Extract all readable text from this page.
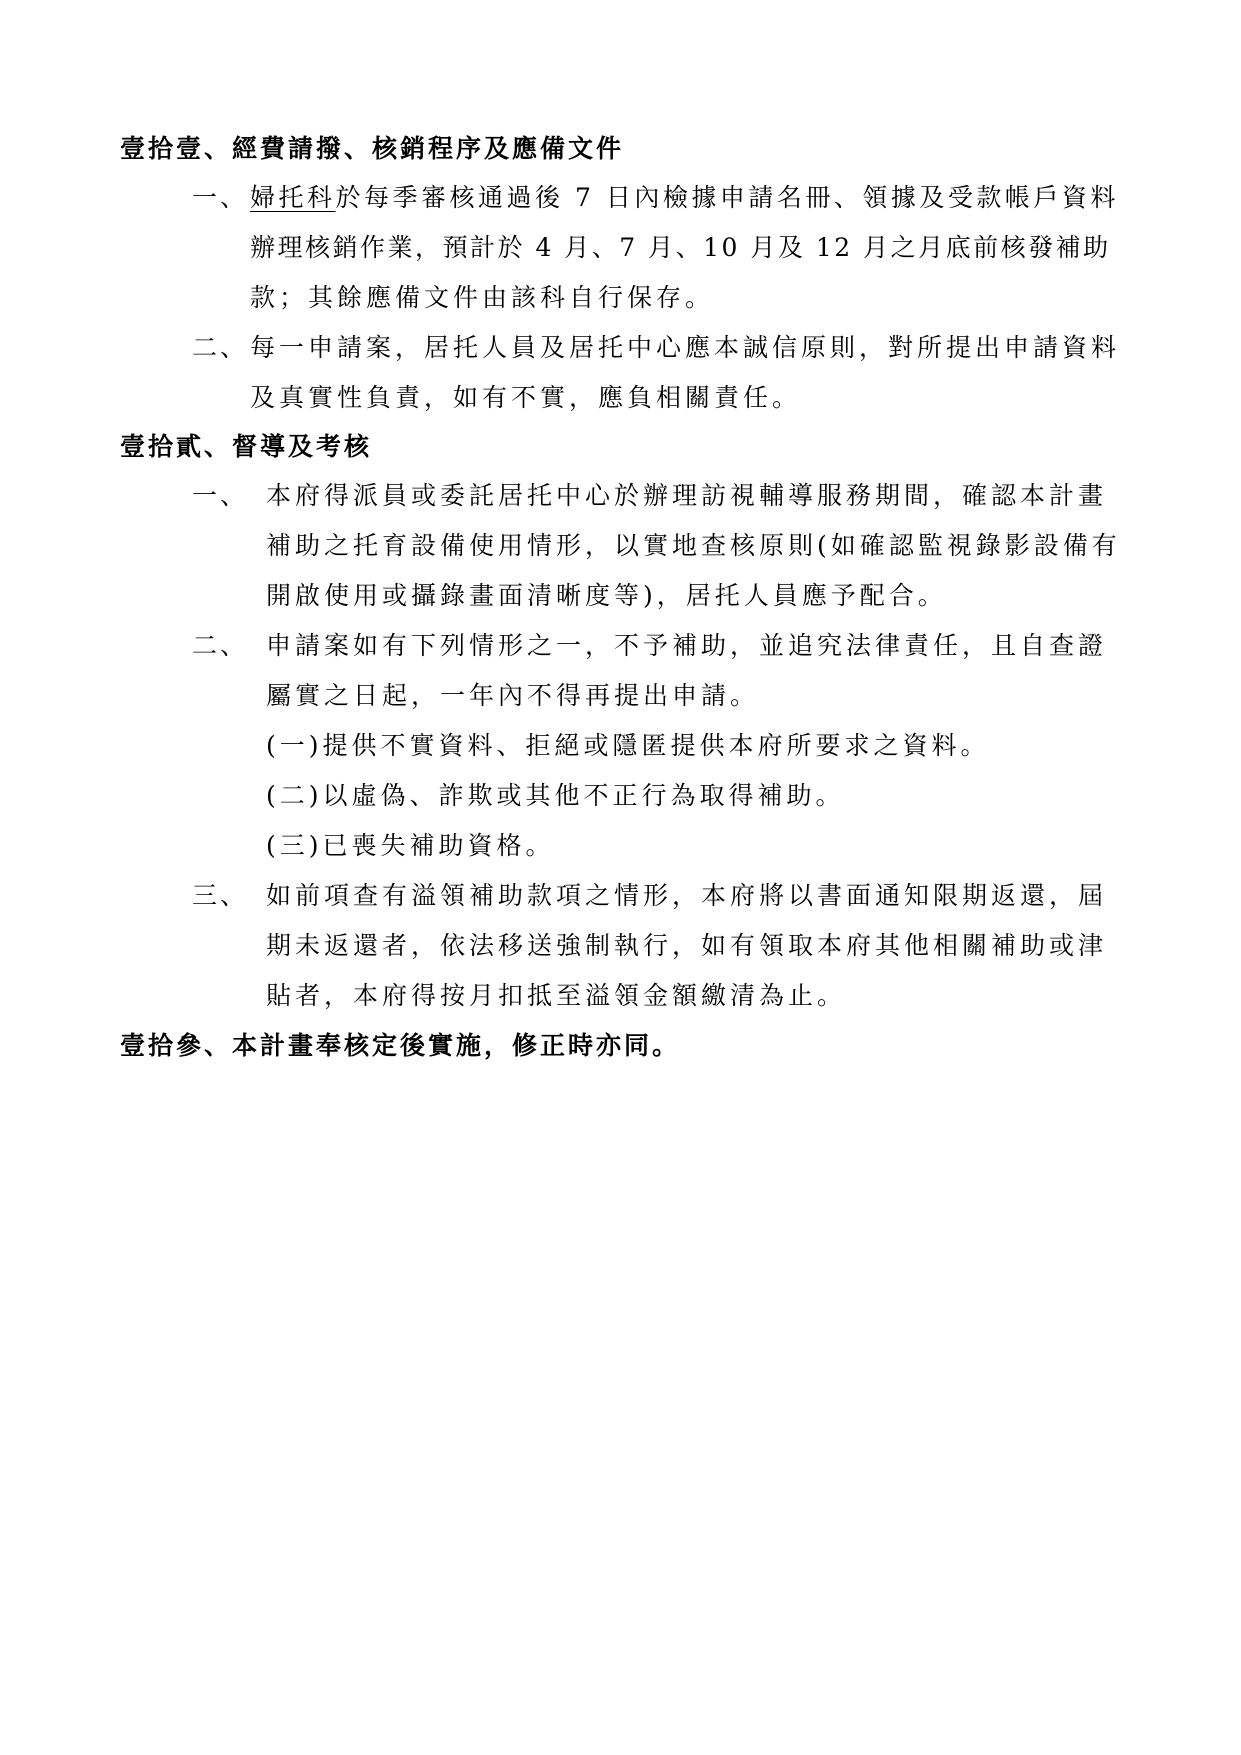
壹拾壹、經費請撥、核銷程序及應備文件
一、 婦托科於每季審核通過後 7 日內檢據申請名冊、領據及受款帳戶資料
辦理核銷作業，預計於 4 月、7 月、10 月及 12 月之月底前核發補助
款；其餘應備文件由該科自行保存。
二、 每一申請案，居托人員及居托中心應本誠信原則，對所提出申請資料
及真實性負責，如有不實，應負相關責任。
壹拾貳、督導及考核
一、 本府得派員或委託居托中心於辦理訪視輔導服務期間，確認本計畫
補助之托育設備使用情形，以實地查核原則(如確認監視錄影設備有
開啟使用或攝錄畫面清晰度等)，居托人員應予配合。
二、 申請案如有下列情形之一，不予補助，並追究法律責任，且自查證
屬實之日起，一年內不得再提出申請。
(一)提供不實資料、拒絕或隱匿提供本府所要求之資料。
(二)以虛偽、詐欺或其他不正行為取得補助。
(三)已喪失補助資格。
三、 如前項查有溢領補助款項之情形，本府將以書面通知限期返還，屆
期未返還者，依法移送強制執行，如有領取本府其他相關補助或津
貼者，本府得按月扣抵至溢領金額繳清為止。
壹拾參、本計畫奉核定後實施，修正時亦同。
